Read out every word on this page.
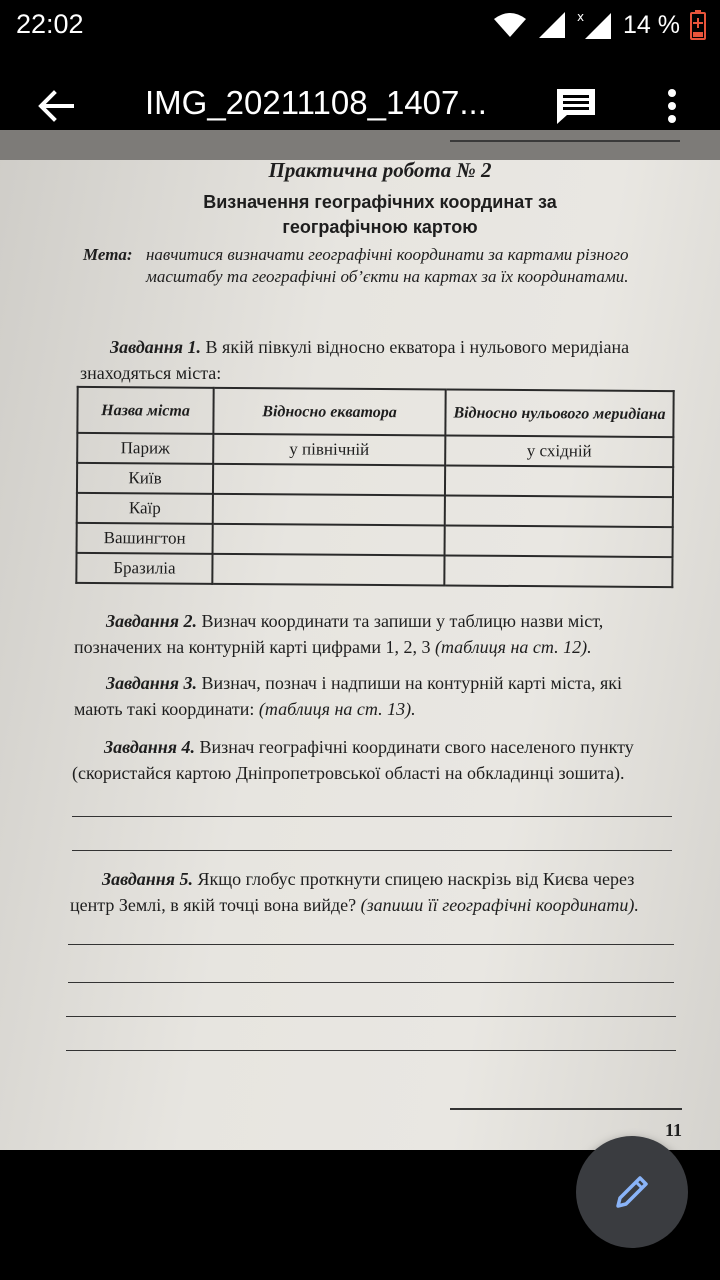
22:02	x 14 %
IMG_20211108_1407...
Практична робота № 2
Визначення географічних координат за
географічною картою
Мета: навчитися визначати географічні координати за картами різного масштабу та географічні об’єкти на картах за їх координатами.
Завдання 1. В якій півкулі відносно екватора і нульового меридіана знаходяться міста:
Назва міста	Відносно екватора	Відносно нульового меридіана
Париж	у північній	у східній
Київ		
Каїр		
Вашингтон		
Бразиліа		
Завдання 2. Визнач координати та запиши у таблицю назви міст, позначених на контурній карті цифрами 1, 2, 3 (таблиця на ст. 12).
Завдання 3. Визнач, познач і надпиши на контурній карті міста, які мають такі координати: (таблиця на ст. 13).
Завдання 4. Визнач географічні координати свого населеного пункту (скористайся картою Дніпропетровської області на обкладинці зошита).
Завдання 5. Якщо глобус проткнути спицею наскрізь від Києва через центр Землі, в якій точці вона вийде? (запиши її географічні координати).
11
